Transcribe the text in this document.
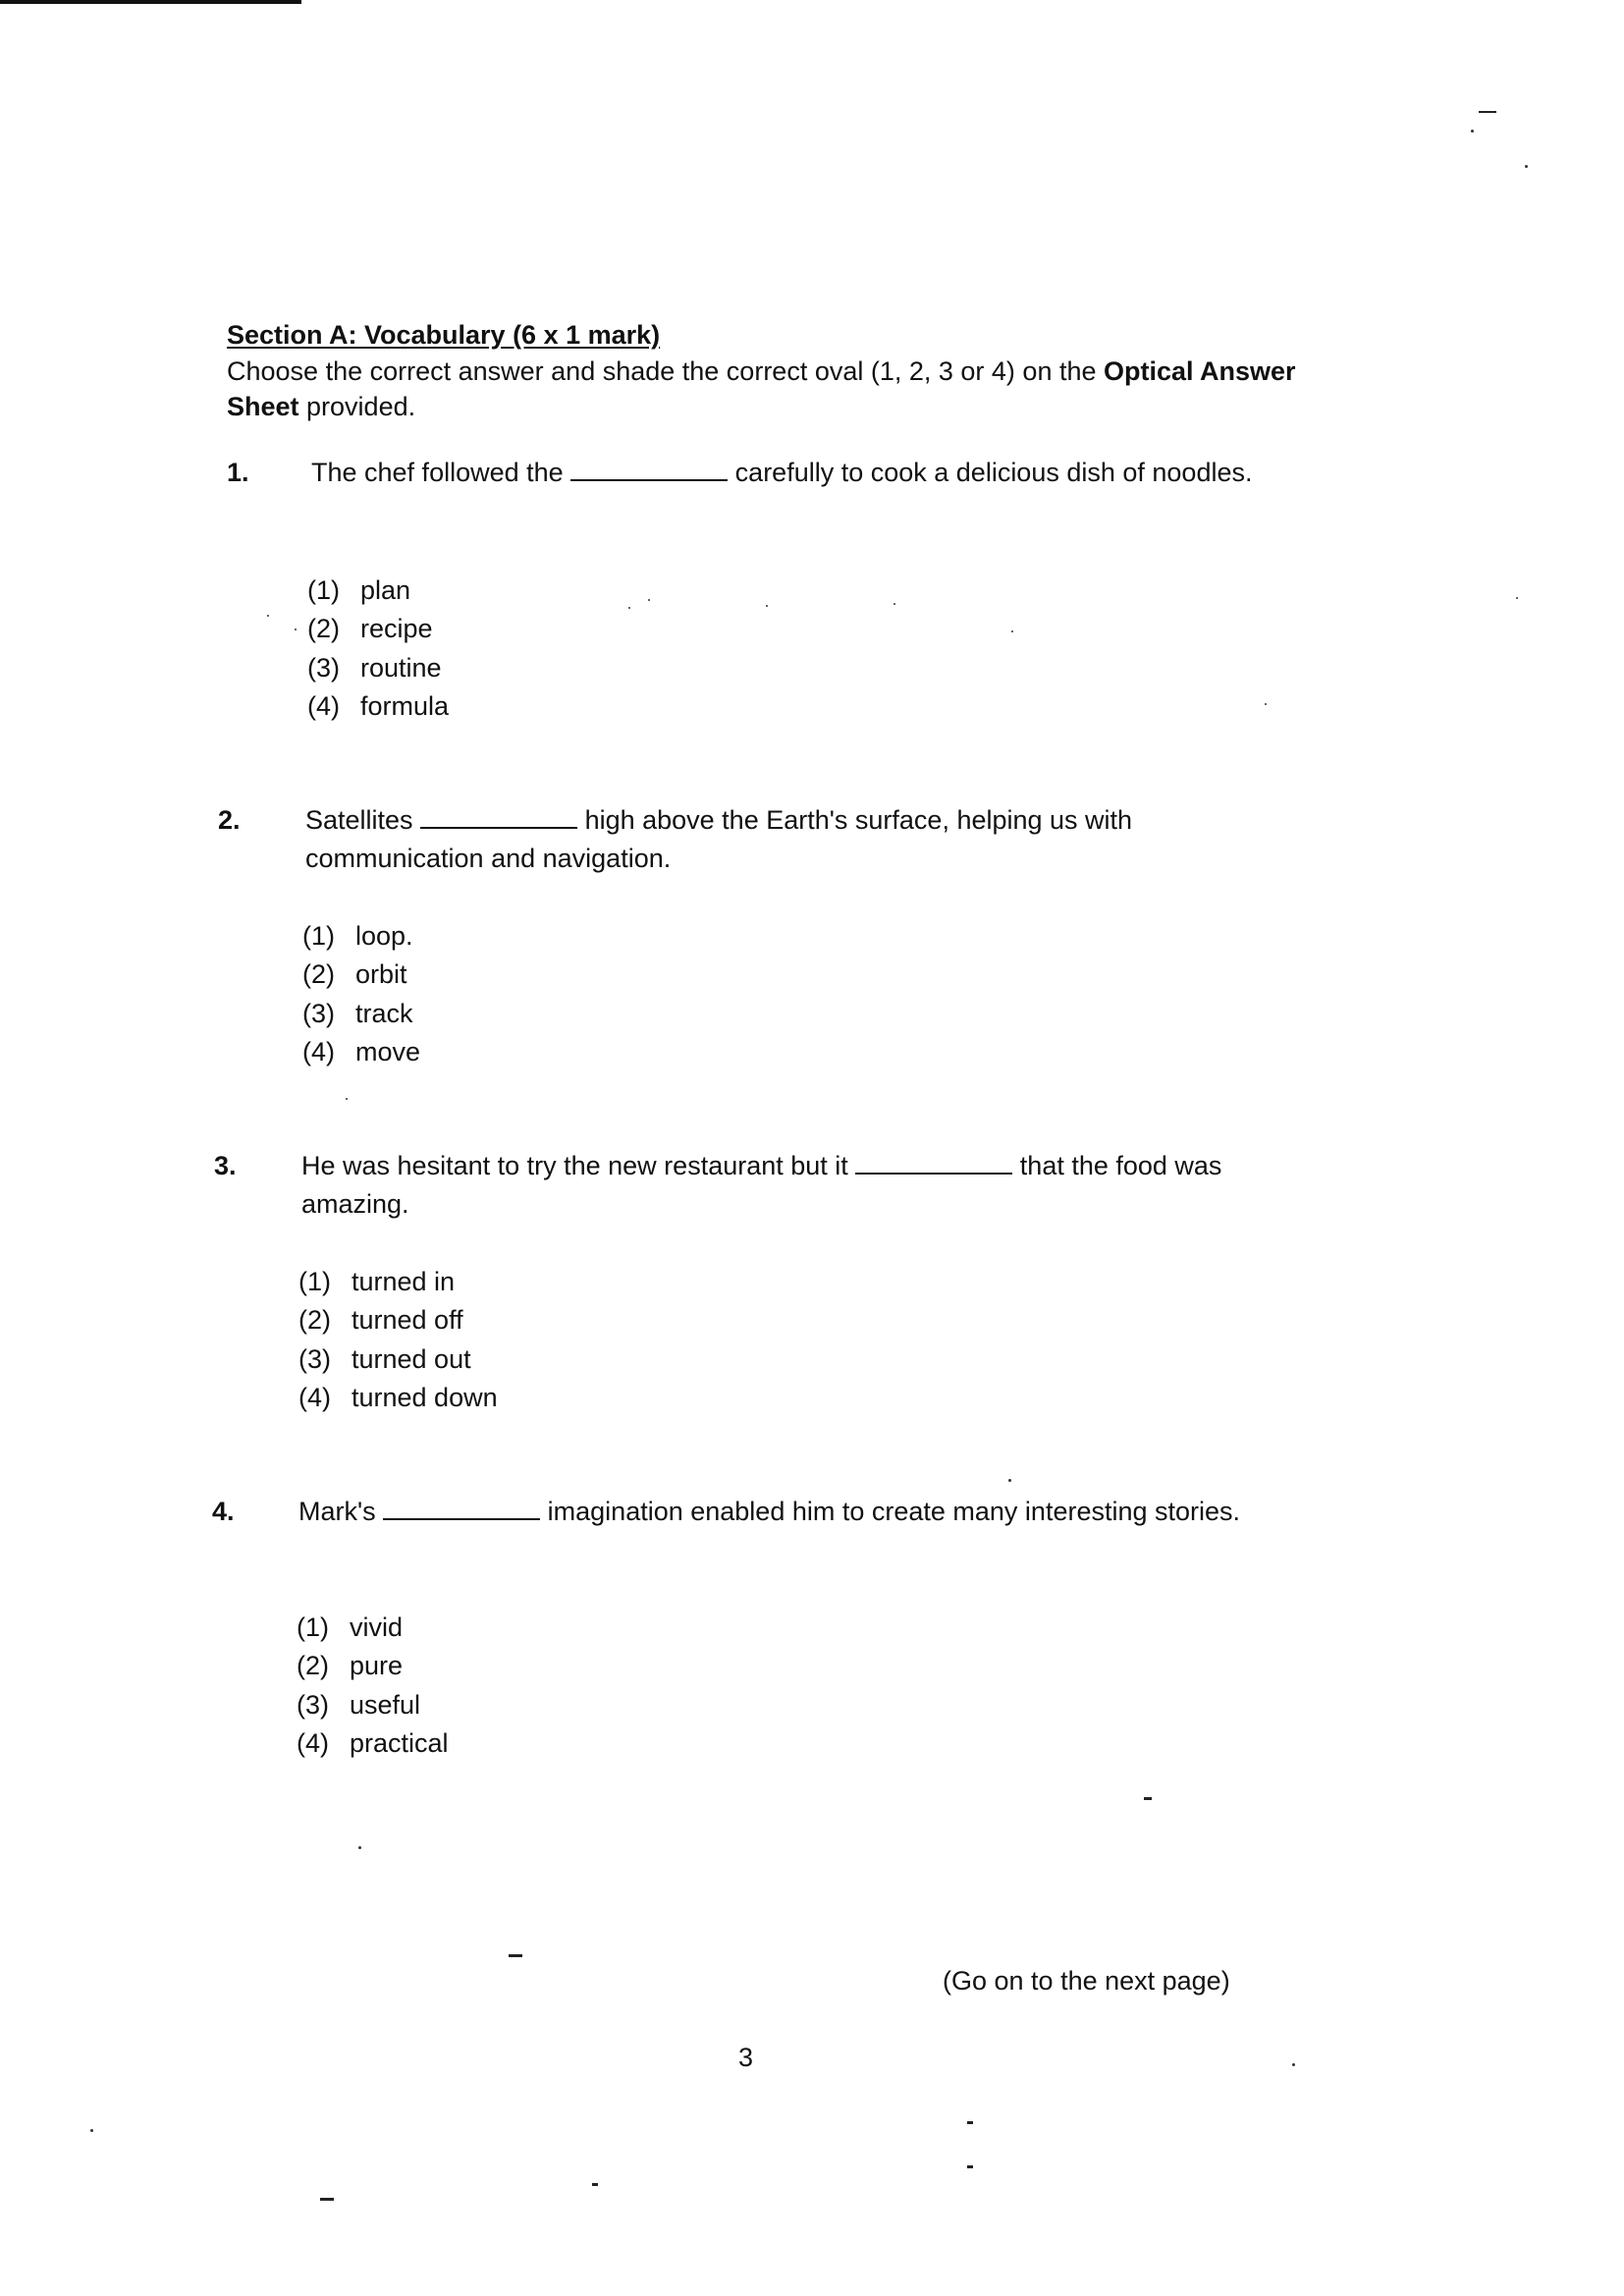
Section A: Vocabulary (6 x 1 mark)

Choose the correct answer and shade the correct oval (1, 2, 3 or 4) on the Optical Answer Sheet provided.

1. The chef followed the	carefully to cook a delicious dish of noodles.
(1) plan
(2) recipe
(3) routine
(4) formula
2. Satellites	high above the Earth's surface, helping us with communication and navigation.
(1) loop.
(2) orbit
(3) track
(4) move
3. He was hesitant to try the new restaurant but it	that the food was amazing.
(1) turned in
(2) turned off
(3) turned out
(4) turned down
4. Mark's	imagination enabled him to create many interesting stories.
(1) vivid
(2) pure
(3) useful
(4) practical
(Go on to the next page)
3
